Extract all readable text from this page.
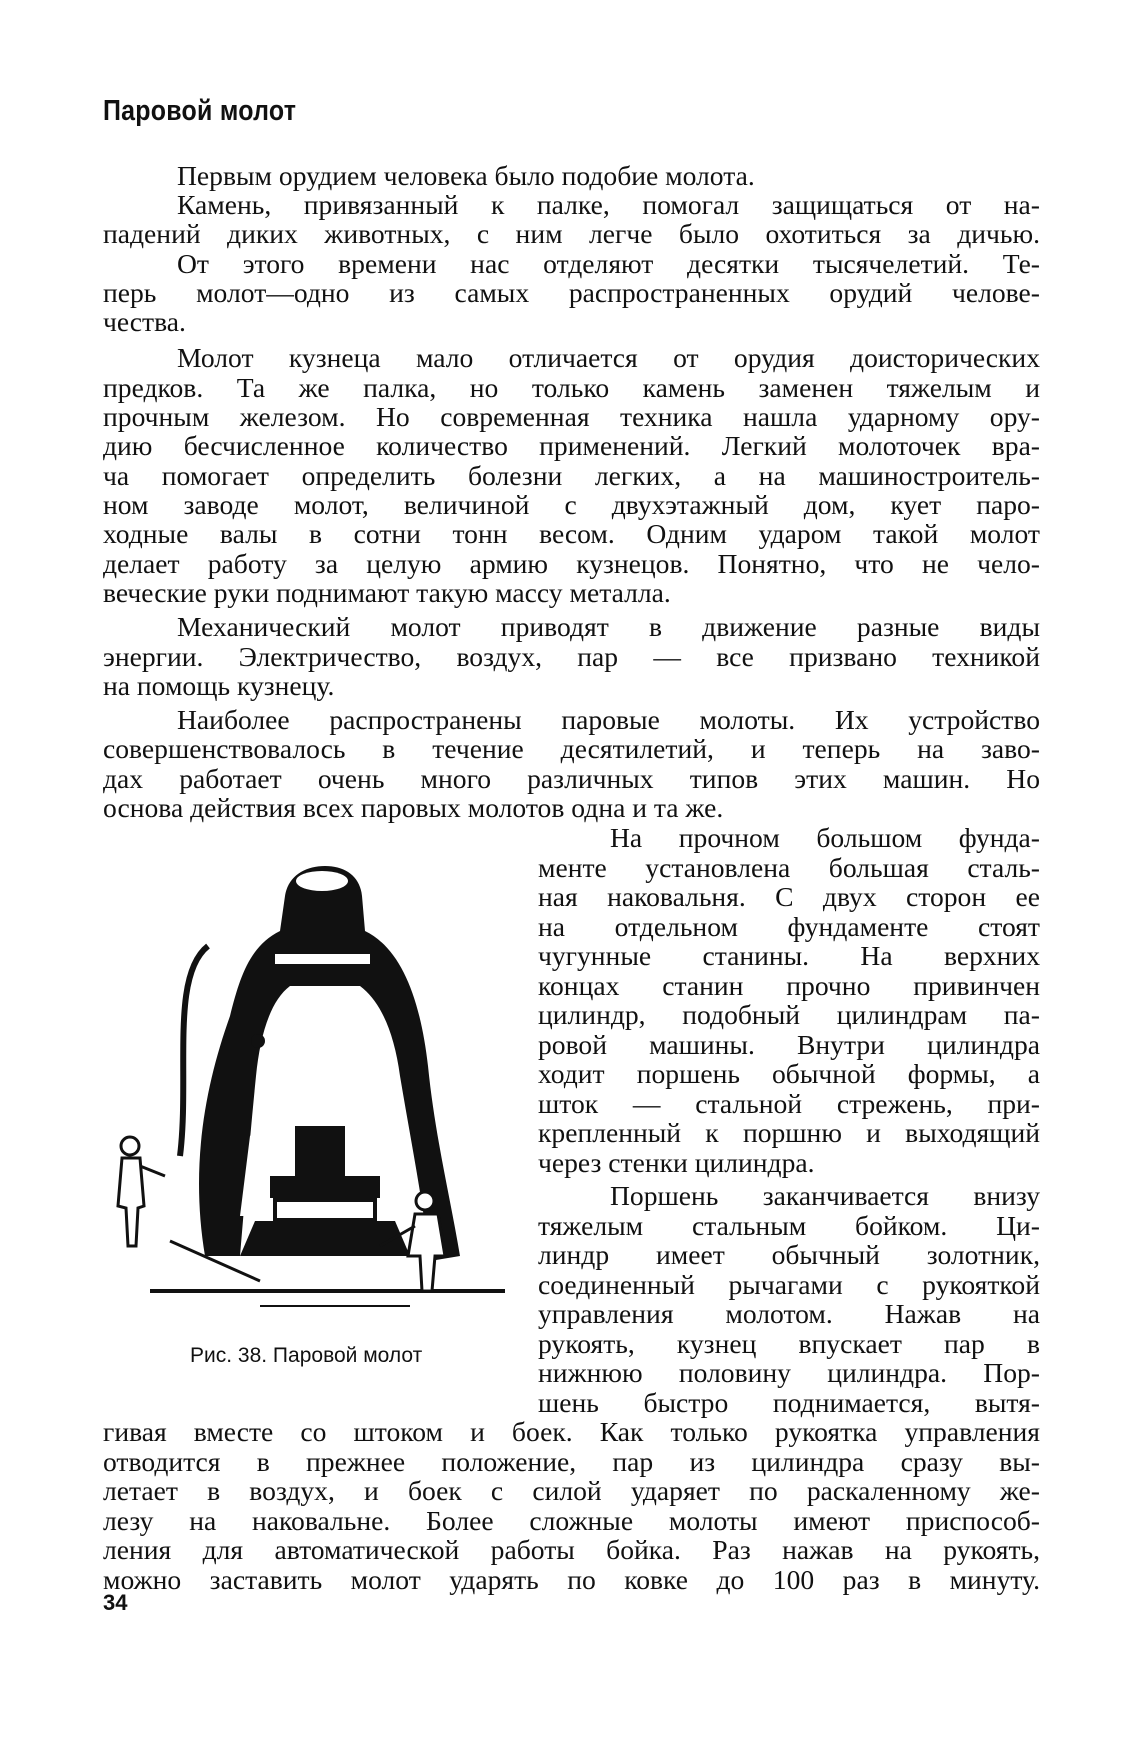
Паровой молот
Первым орудием человека было подобие молота.
Камень, привязанный к палке, помогал защищаться от на-
падений диких животных, с ним легче было охотиться за дичью.
От этого времени нас отделяют десятки тысячелетий. Те-
перь молот—одно из самых распространенных орудий челове-
чества.
Молот кузнеца мало отличается от орудия доисторических
предков. Та же палка, но только камень заменен тяжелым и
прочным железом. Но современная техника нашла ударному ору-
дию бесчисленное количество применений. Легкий молоточек вра-
ча помогает определить болезни легких, а на машиностроитель-
ном заводе молот, величиной с двухэтажный дом, кует паро-
ходные валы в сотни тонн весом. Одним ударом такой молот
делает работу за целую армию кузнецов. Понятно, что не чело-
веческие руки поднимают такую массу металла.
Механический молот приводят в движение разные виды
энергии. Электричество, воздух, пар — все призвано техникой
на помощь кузнецу.
Наиболее распространены паровые молоты. Их устройство
совершенствовалось в течение десятилетий, и теперь на заво-
дах работает очень много различных типов этих машин. Но
основа действия всех паровых молотов одна и та же.
На прочном большом фунда-
менте установлена большая сталь-
ная наковальня. С двух сторон ее
на отдельном фундаменте стоят
чугунные станины. На верхних
концах станин прочно привинчен
цилиндр, подобный цилиндрам па-
ровой машины. Внутри цилиндра
ходит поршень обычной формы, а
шток — стальной стрежень, при-
крепленный к поршню и выходящий
через стенки цилиндра.
Поршень заканчивается внизу
тяжелым стальным бойком. Ци-
линдр имеет обычный золотник,
соединенный рычагами с рукояткой
управления молотом. Нажав на
рукоять, кузнец впускает пар в
нижнюю половину цилиндра. Пор-
шень быстро поднимается, вытя-
гивая вместе со штоком и боек. Как только рукоятка управления
отводится в прежнее положение, пар из цилиндра сразу вы-
летает в воздух, и боек с силой ударяет по раскаленному же-
лезу на наковальне. Более сложные молоты имеют приспособ-
ления для автоматической работы бойка. Раз нажав на рукоять,
можно заставить молот ударять по ковке до 100 раз в минуту.
Рис. 38. Паровой молот
34
